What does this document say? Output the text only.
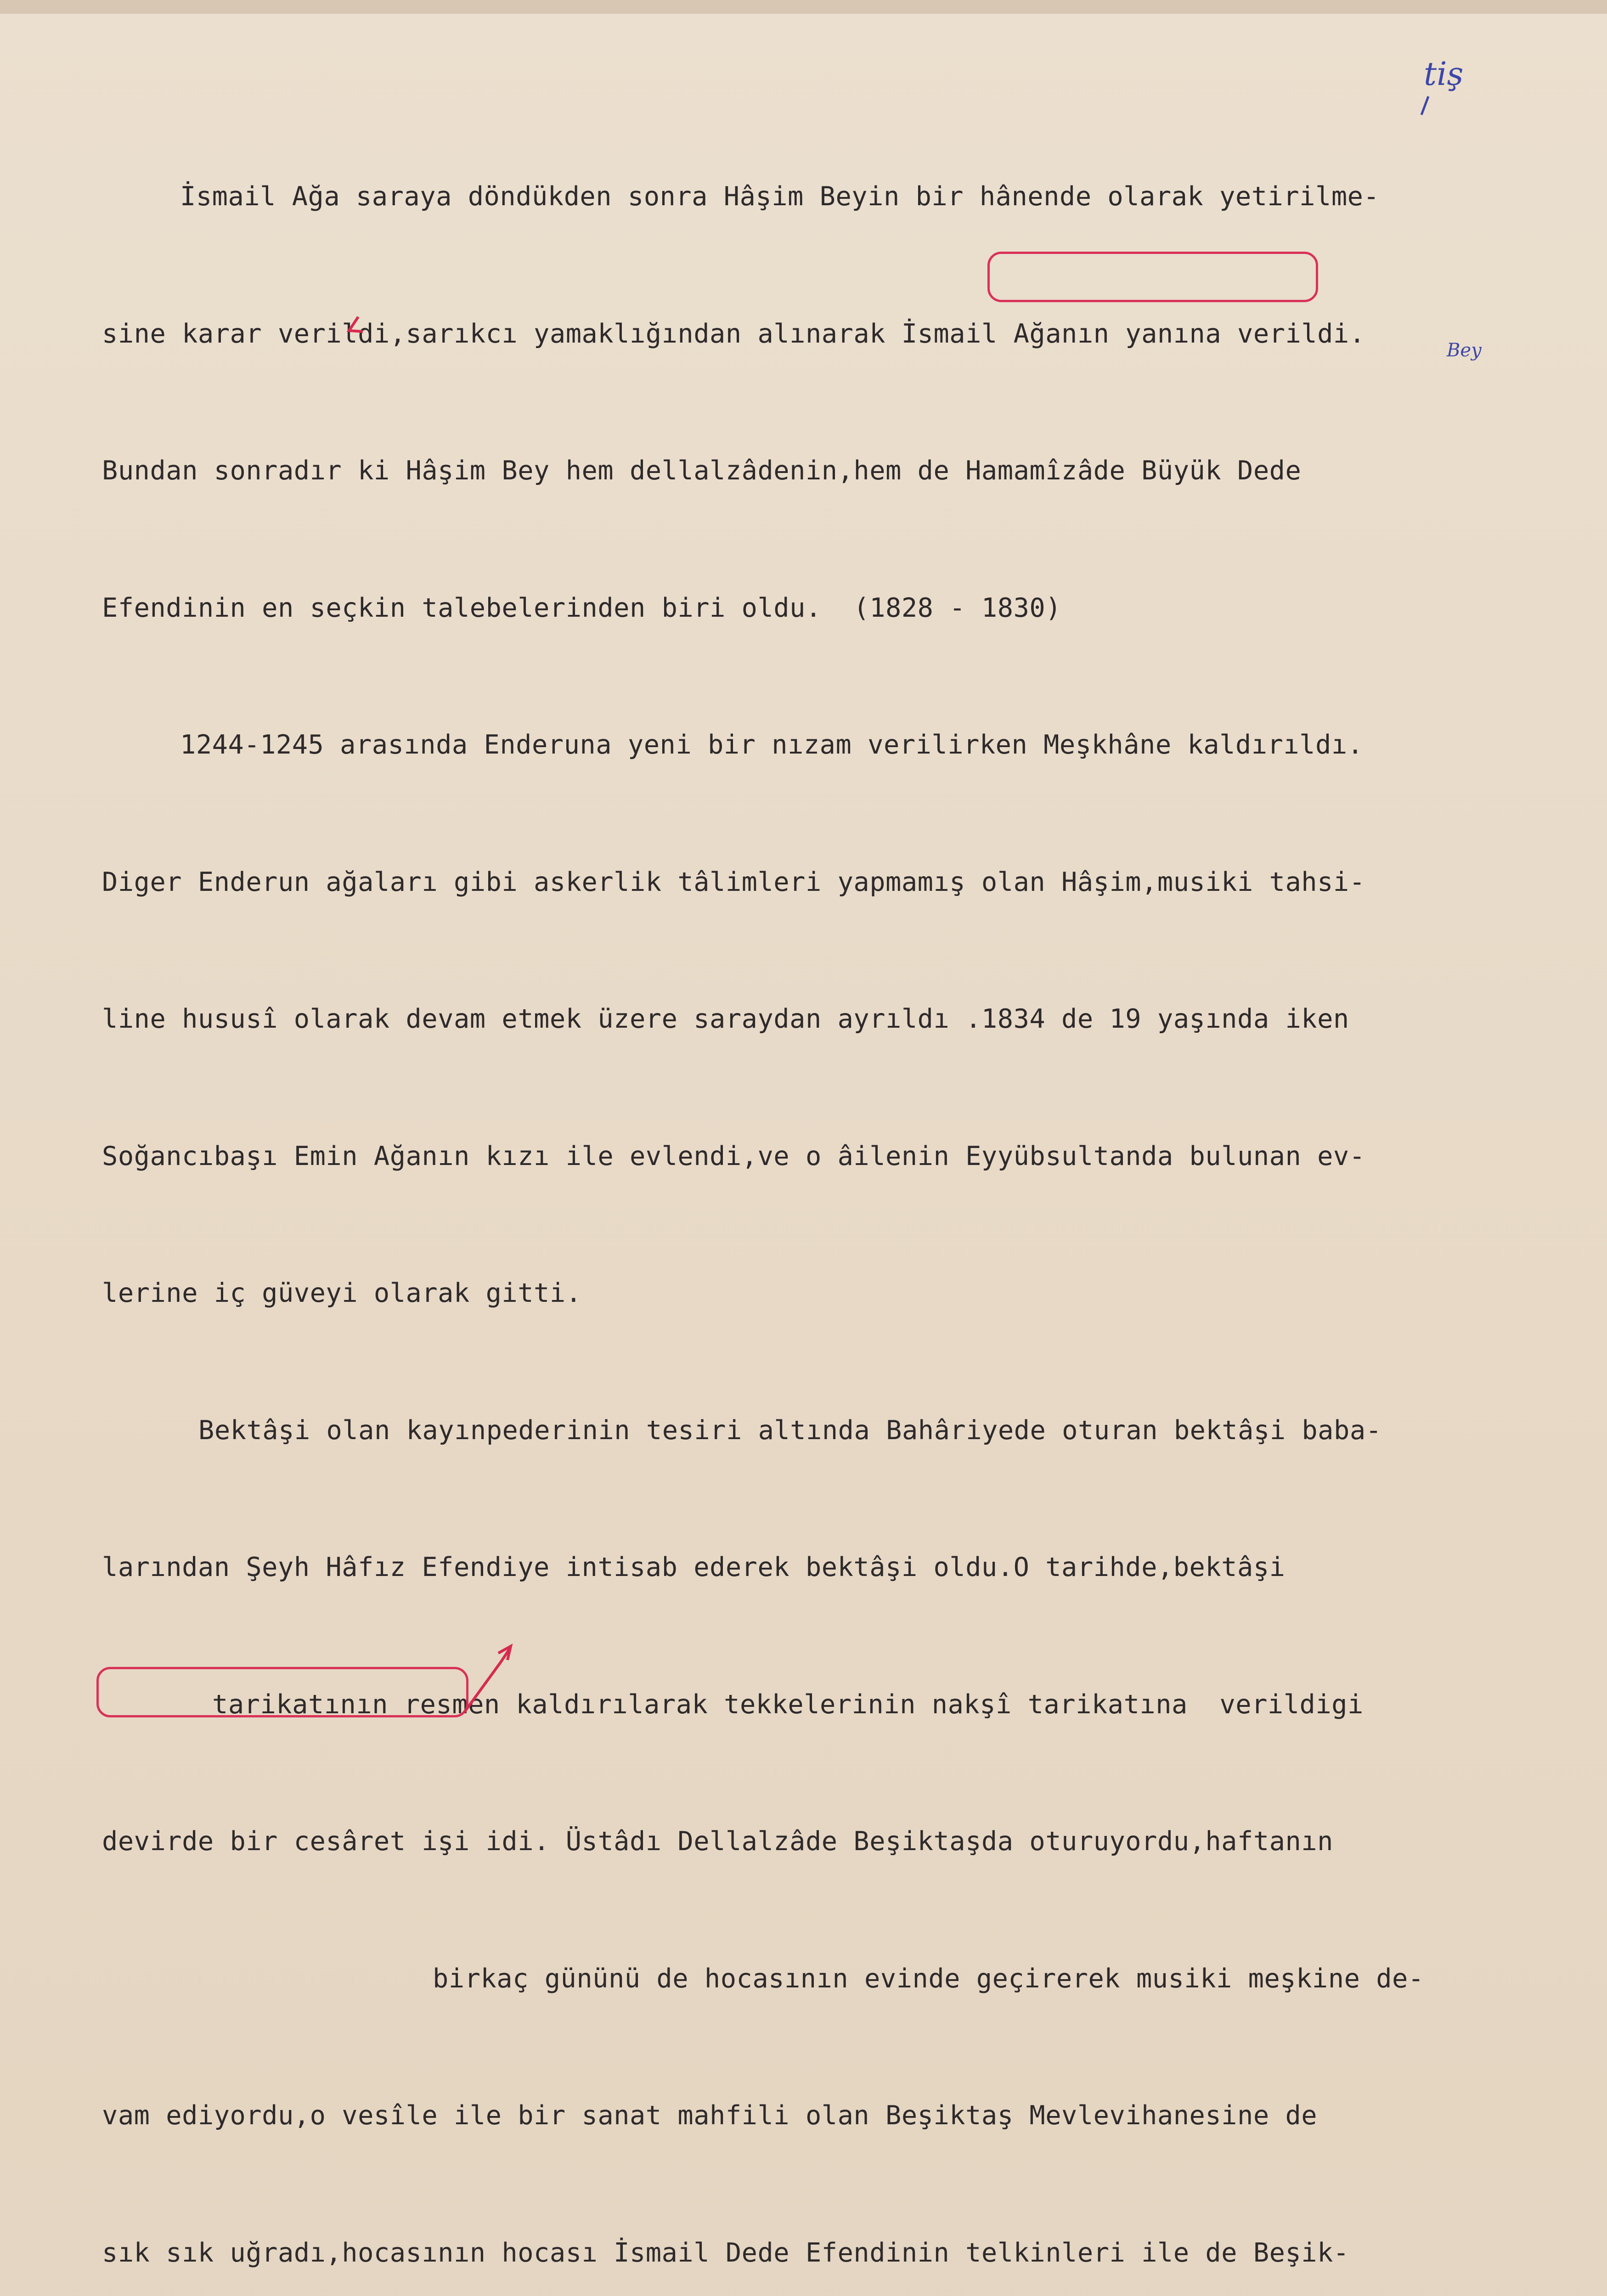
İsmail Ağa saraya döndükden sonra Hâşim Beyin bir hânende olarak yetirilme-

sine karar verildi,sarıkcı yamaklığından alınarak İsmail Ağanın yanına verildi.

Bundan sonradır ki Hâşim Bey hem dellalzâdenin,hem de Hamamîzâde Büyük Dede

Efendinin en seçkin talebelerinden biri oldu.  (1828 - 1830)

1244-1245 arasında Enderuna yeni bir nızam verilirken Meşkhâne kaldırıldı.

Diger Enderun ağaları gibi askerlik tâlimleri yapmamış olan Hâşim,musiki tahsi-

line hususî olarak devam etmek üzere saraydan ayrıldı .1834 de 19 yaşında iken

Soğancıbaşı Emin Ağanın kızı ile evlendi,ve o âilenin Eyyübsultanda bulunan ev-

lerine iç güveyi olarak gitti.

Bektâşi olan kayınpederinin tesiri altında Bahâriyede oturan bektâşi baba-

larından Şeyh Hâfız Efendiye intisab ederek bektâşi oldu.O tarihde,bektâşi

tarikatının resmen kaldırılarak tekkelerinin nakşî tarikatına  verildigi

devirde bir cesâret işi idi. Üstâdı Dellalzâde Beşiktaşda oturuyordu,haftanın

birkaç gününü de hocasının evinde geçirerek musiki meşkine de-

vam ediyordu,o vesîle ile bir sanat mahfili olan Beşiktaş Mevlevihanesine de

sık sık uğradı,hocasının hocası İsmail Dede Efendinin telkinleri ile de Beşik-

tiş
Bey
